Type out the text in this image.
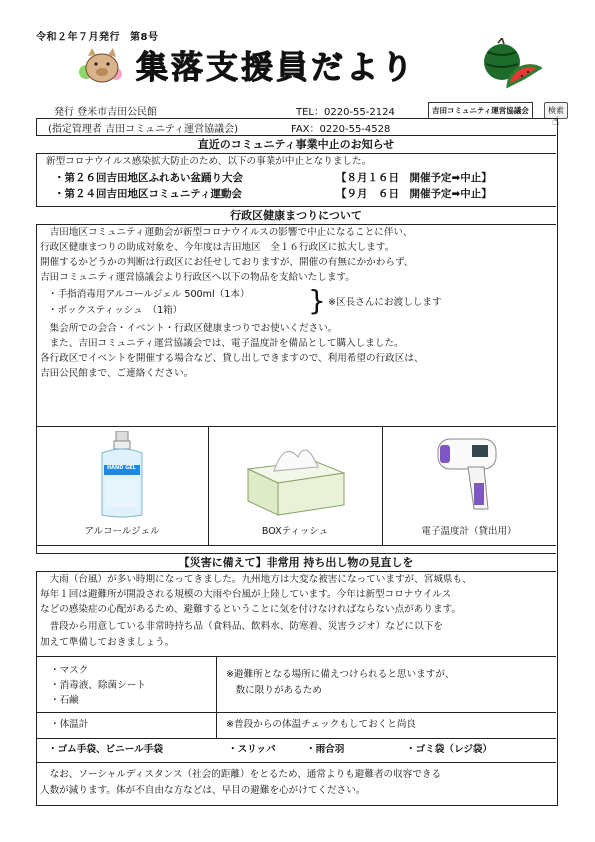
令和２年７月発行 第8号
集落支援員だより
発行 登米市吉田公民館	TEL：0220-55-2124	吉田コミュニティ運営協議会	検索
☝
(指定管理者 吉田コミュニティ運営協議会)	FAX：0220-55-4528
直近のコミュニティ事業中止のお知らせ
新型コロナウイルス感染拡大防止のため、以下の事業が中止となりました。
・第２６回吉田地区ふれあい盆踊り大会	【８月１６日　開催予定➡中止】
・第２４回吉田地区コミュニティ運動会	【９月　６日　開催予定➡中止】
行政区健康まつりについて
　吉田地区コミュニティ運動会が新型コロナウイルスの影響で中止になることに伴い、
行政区健康まつりの助成対象を、今年度は吉田地区　全１６行政区に拡大します。
開催するかどうかの判断は行政区にお任せしておりますが、開催の有無にかかわらず、
吉田コミュニティ運営協議会より行政区へ以下の物品を支給いたします。
・手指消毒用アルコールジェル 500ml（1本）
・ボックスティッシュ　（1箱）	} ※区長さんにお渡しします
　集会所での会合・イベント・行政区健康まつりでお使いください。
　また、吉田コミュニティ運営協議会では、電子温度計を備品として購入しました。
各行政区でイベントを開催する場合など、貸し出しできますので、利用希望の行政区は、
吉田公民館まで、ご連絡ください。
HAND GEL
アルコールジェル	BOXティッシュ	電子温度計（貸出用）
【災害に備えて】非常用 持ち出し物の見直しを
　大雨（台風）が多い時期になってきました。九州地方は大変な被害になっていますが、宮城県も、
毎年１回は避難所が開設される規模の大雨や台風が上陸しています。今年は新型コロナウイルス
などの感染症の心配があるため、避難するということに気を付けなければならない点があります。
　普段から用意している非常時持ち品（食料品、飲料水、防寒着、災害ラジオ）などに以下を
加えて準備しておきましょう。
・マスク
・消毒液、除菌シート
・石鹸
※避難所となる場所に備えつけられると思いますが、
　数に限りがあるため
・体温計	※普段からの体温チェックもしておくと尚良
・ゴム手袋、ビニール手袋	・スリッパ	・雨合羽	・ゴミ袋（レジ袋）
　なお、ソーシャルディスタンス（社会的距離）をとるため、通常よりも避難者の収容できる
人数が減ります。体が不自由な方などは、早目の避難を心がけてください。
